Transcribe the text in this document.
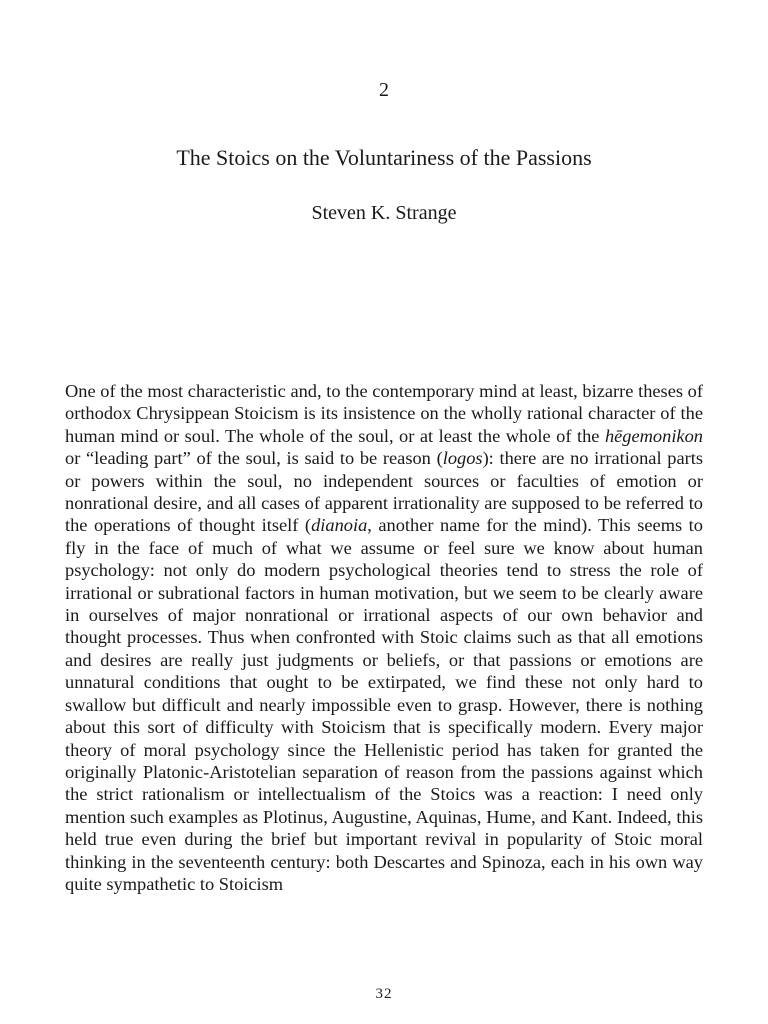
2
The Stoics on the Voluntariness of the Passions
Steven K. Strange

One of the most characteristic and, to the contemporary mind at least, bizarre theses of orthodox Chrysippean Stoicism is its insistence on the wholly rational character of the human mind or soul. The whole of the soul, or at least the whole of the hēgemonikon or “leading part” of the soul, is said to be reason (logos): there are no irrational parts or powers within the soul, no independent sources or faculties of emotion or nonrational desire, and all cases of apparent irrationality are supposed to be referred to the operations of thought itself (dianoia, another name for the mind). This seems to fly in the face of much of what we assume or feel sure we know about human psychology: not only do modern psychological theories tend to stress the role of irrational or subrational factors in human motivation, but we seem to be clearly aware in ourselves of major nonrational or irrational aspects of our own behavior and thought processes. Thus when confronted with Stoic claims such as that all emotions and desires are really just judgments or beliefs, or that passions or emotions are unnatural conditions that ought to be extirpated, we find these not only hard to swallow but difficult and nearly impossible even to grasp. However, there is nothing about this sort of difficulty with Stoicism that is specifically modern. Every major theory of moral psychology since the Hellenistic period has taken for granted the originally Platonic-Aristotelian separation of reason from the passions against which the strict rationalism or intellectualism of the Stoics was a reaction: I need only mention such examples as Plotinus, Augustine, Aquinas, Hume, and Kant. Indeed, this held true even during the brief but important revival in popularity of Stoic moral thinking in the seventeenth century: both Descartes and Spinoza, each in his own way quite sympathetic to Stoicism

32
